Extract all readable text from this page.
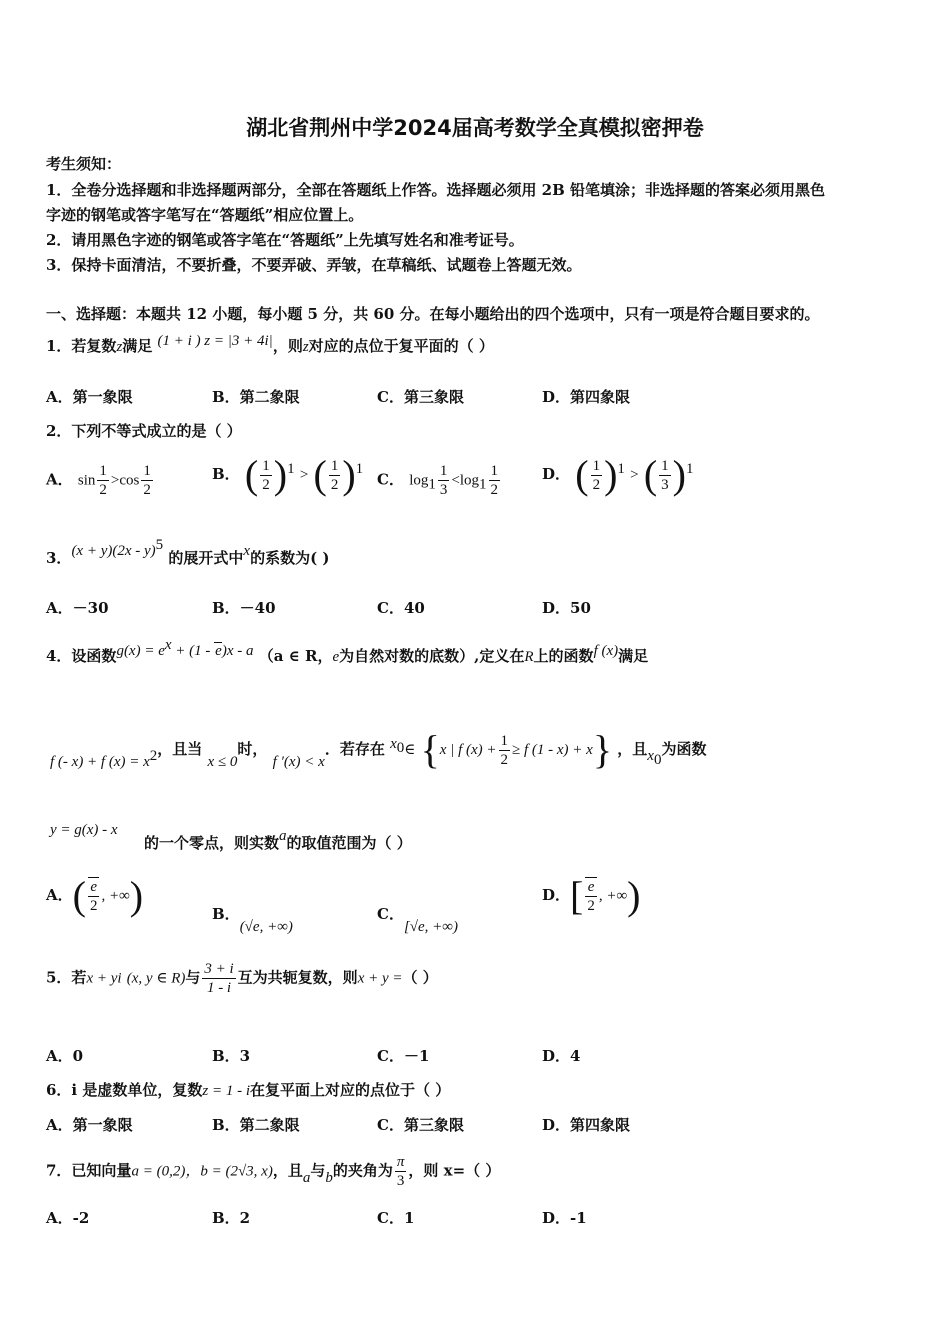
湖北省荆州中学2024届高考数学全真模拟密押卷
考生须知：
1．全卷分选择题和非选择题两部分，全部在答题纸上作答。选择题必须用 2B 铅笔填涂；非选择题的答案必须用黑色
字迹的钢笔或答字笔写在“答题纸”相应位置上。
2．请用黑色字迹的钢笔或答字笔在“答题纸”上先填写姓名和准考证号。
3．保持卡面清洁，不要折叠，不要弄破、弄皱，在草稿纸、试题卷上答题无效。
一、选择题：本题共 12 小题，每小题 5 分，共 60 分。在每小题给出的四个选项中，只有一项是符合题目要求的。
1．若复数z满足 (1 + i ) z = |3 + 4i|，则z对应的点位于复平面的（ ）
A．第一象限	B．第二象限	C．第三象限	D．第四象限
2．下列不等式成立的是（ ）
A． $\sin \frac{1}{2} >\cos \frac{1}{2}$	B． ( $\frac{1}{2} )^1$ > ( $\frac{1}{2} )^1$
C． $\log_1 \frac{1}{3} <\log_1 \frac{1}{2}$	D． ( $\frac{1}{2} )^1$ > ( $\frac{1}{3} )^1$
3．(x + y)(2x - y)$^5$ 的展开式中x的系数为( )
A．－30	B．－40	C．40	D．50
4．设函数$g(x) = e^x + (1 - e)x - a$ （a ∈ R，e为自然对数的底数）,定义在R上的函数f (x)满足
f (- x) + f $(x) = x^2$，且当 x ≤ 0时， f ′(x) < x．若存在 $x_0\in$ {x | f $(x) + \frac{1}{2} \ge f$ (1 - x) + x} ，且$x_0$为函数
y = g(x) - x
的一个零点，则实数a的取值范围为（ ）
A．( $\frac{e}{2}$ , +∞)	B．(√e, +∞)
C．[√e, +∞)
D．[ $\frac{e}{2}$ , +∞)
5．若x + yi (x, y ∈ R)与 $\frac{3 + i}{1 - i}$ 互为共轭复数，则x + y =（ ）
A．0	B．3	C．－1	D．4
6．i 是虚数单位，复数z = 1 - i在复平面上对应的点位于（ ）
A．第一象限	B．第二象限	C．第三象限	D．第四象限
7．已知向量a = (0,2)，b = (2√3, x)，且a与b的夹角为 $\frac{\pi}{3}$ ，则 x=（ ）
A．-2	B．2	C．1	D．-1
